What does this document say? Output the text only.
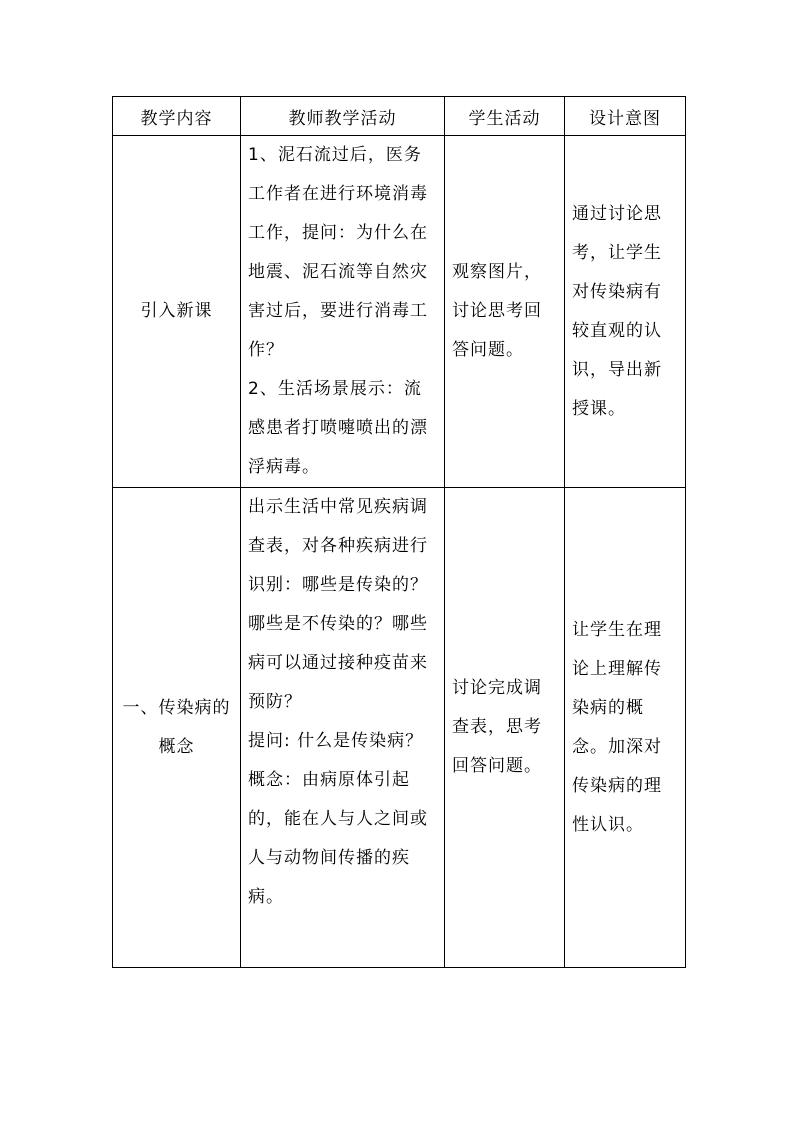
教学内容	教师教学活动	学生活动	设计意图

引入新课	1、泥石流过后，医务工作者在进行环境消毒工作，提问：为什么在地震、泥石流等自然灾害过后，要进行消毒工作？
2、生活场景展示：流感患者打喷嚏喷出的漂浮病毒。	观察图片，讨论思考回答问题。	通过讨论思考，让学生对传染病有较直观的认识，导出新授课。

一、传染病的概念	出示生活中常见疾病调查表，对各种疾病进行识别：哪些是传染的？哪些是不传染的？哪些病可以通过接种疫苗来预防？
提问: 什么是传染病？
概念：由病原体引起的，能在人与人之间或人与动物间传播的疾病。	讨论完成调查表，思考回答问题。	让学生在理论上理解传染病的概念。加深对传染病的理性认识。
